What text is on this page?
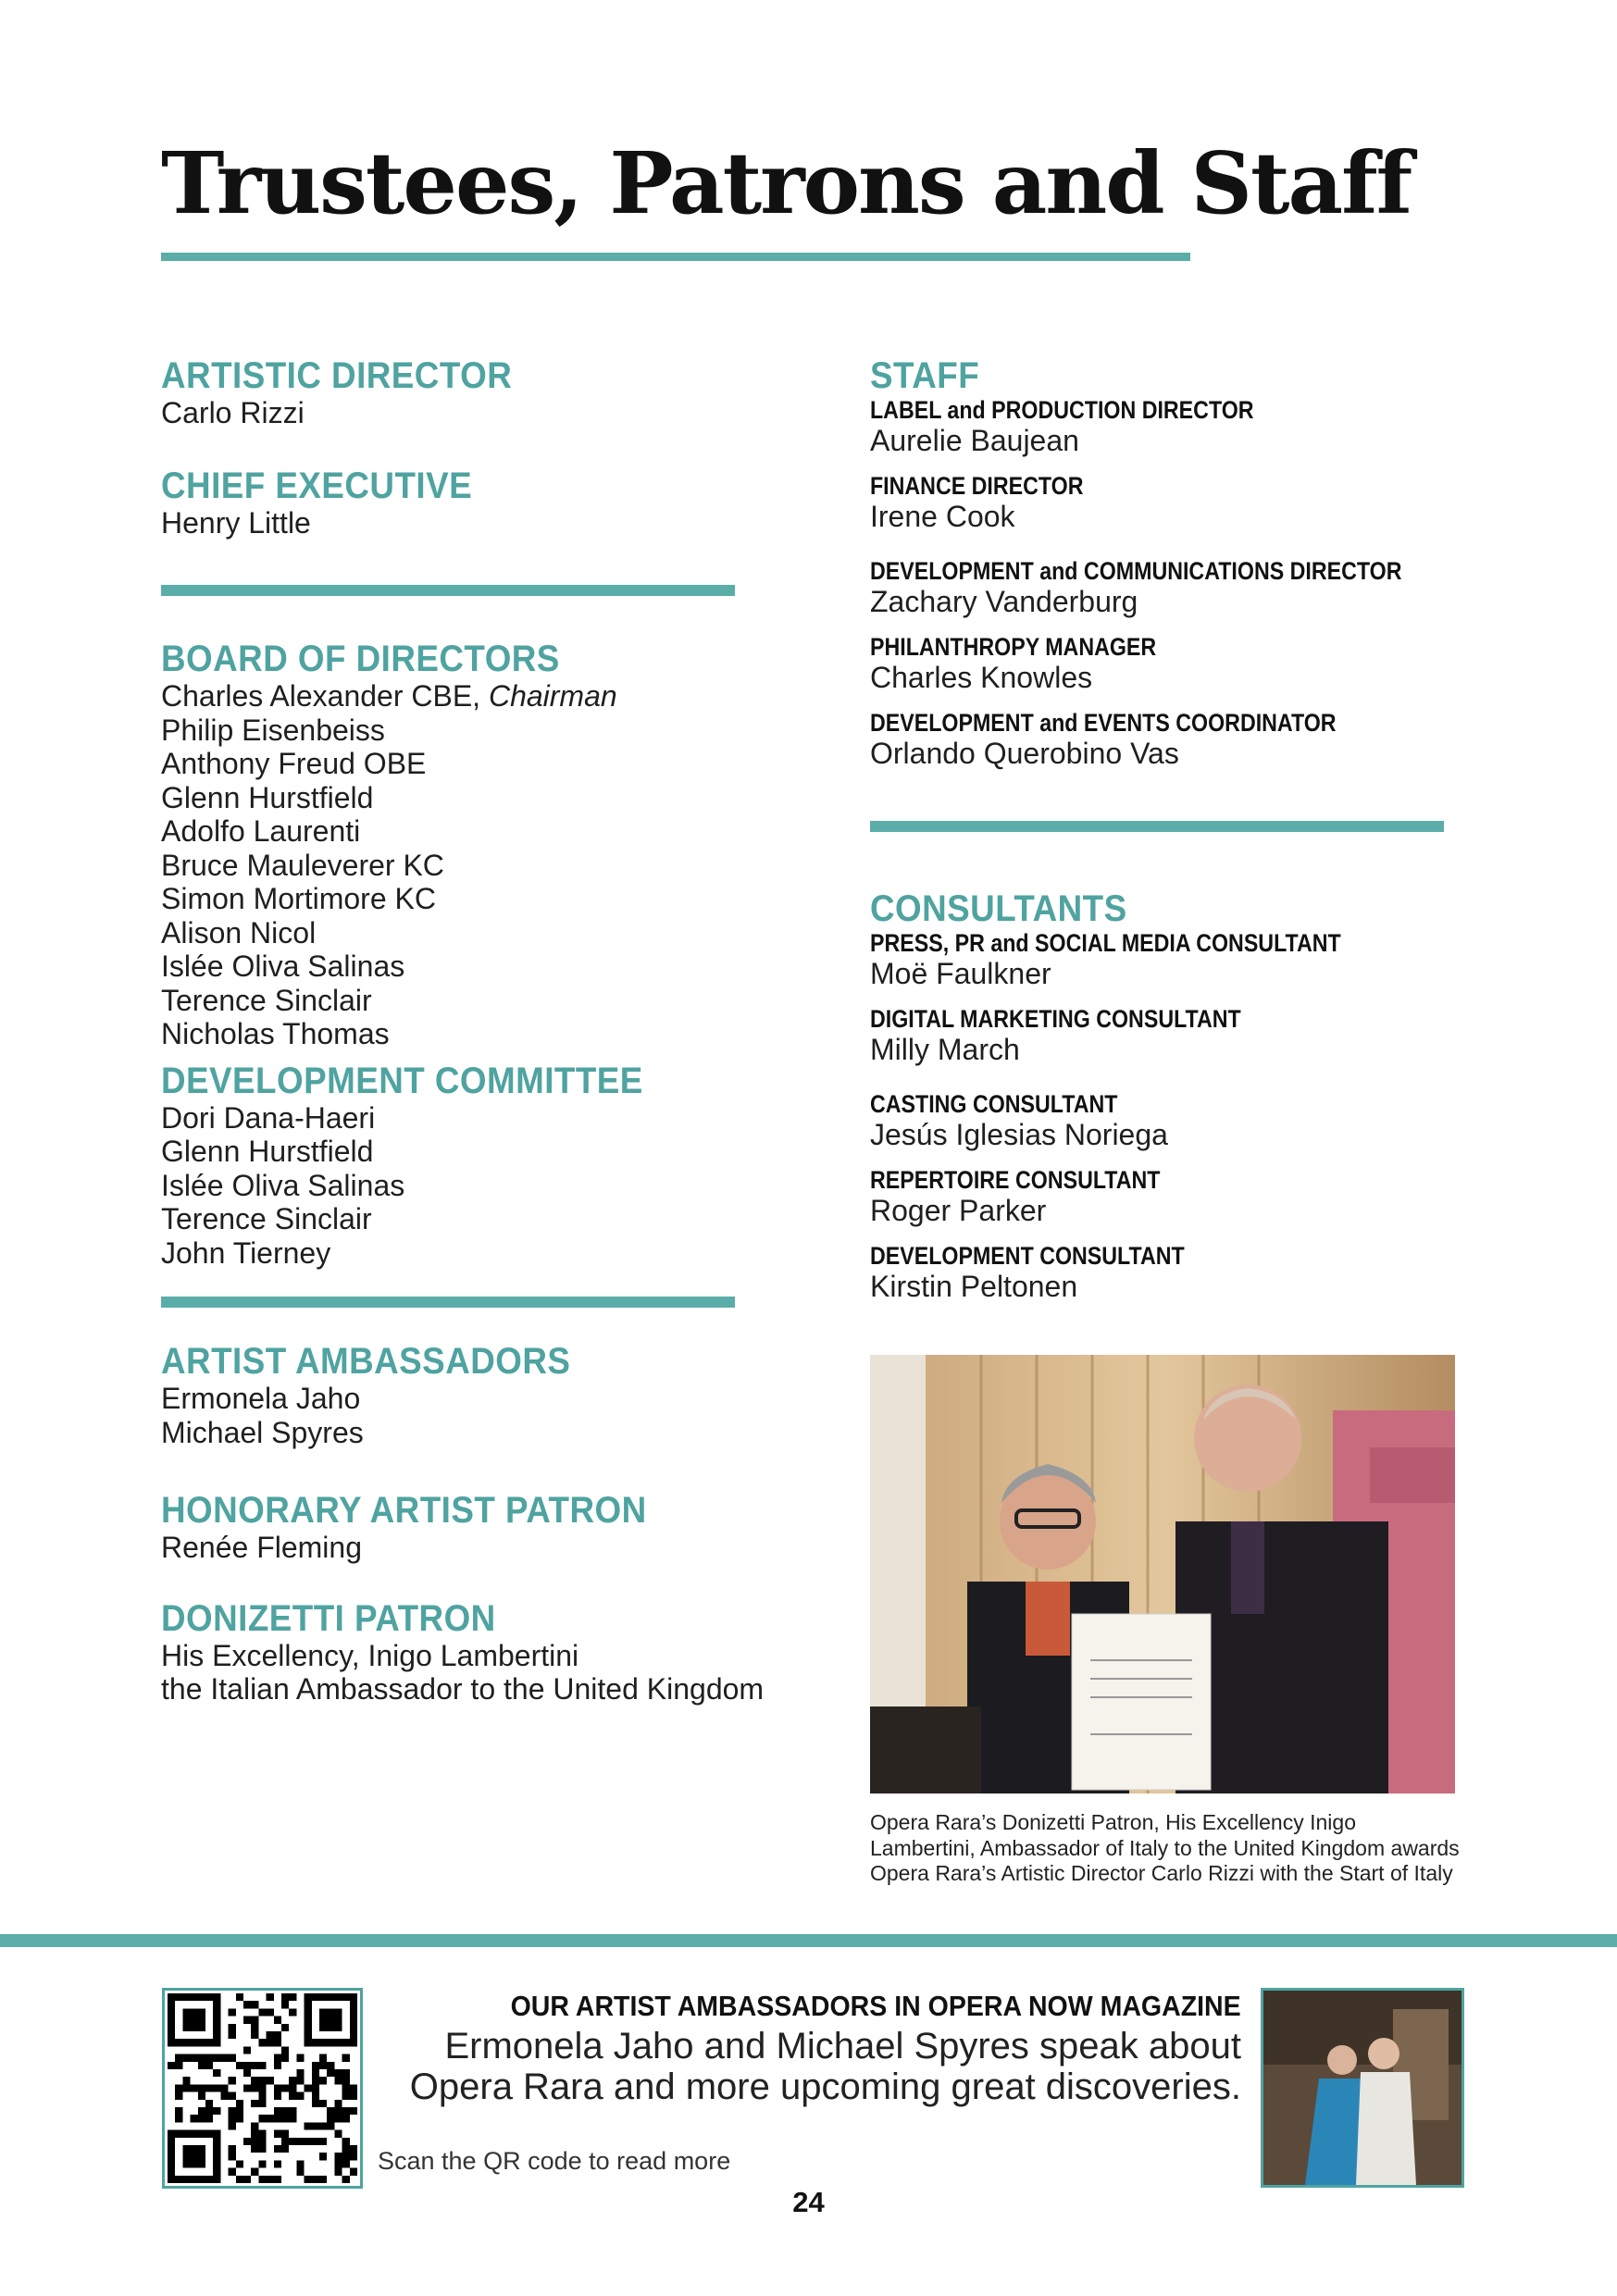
Trustees, Patrons and Staff
ARTISTIC DIRECTOR
Carlo Rizzi
CHIEF EXECUTIVE
Henry Little
BOARD OF DIRECTORS
Charles Alexander CBE, Chairman
Philip Eisenbeiss
Anthony Freud OBE
Glenn Hurstfield
Adolfo Laurenti
Bruce Mauleverer KC
Simon Mortimore KC
Alison Nicol
Islée Oliva Salinas
Terence Sinclair
Nicholas Thomas
DEVELOPMENT COMMITTEE
Dori Dana-Haeri
Glenn Hurstfield
Islée Oliva Salinas
Terence Sinclair
John Tierney
ARTIST AMBASSADORS
Ermonela Jaho
Michael Spyres
HONORARY ARTIST PATRON
Renée Fleming
DONIZETTI PATRON
His Excellency, Inigo Lambertini
the Italian Ambassador to the United Kingdom
STAFF
LABEL and PRODUCTION DIRECTOR
Aurelie Baujean
FINANCE DIRECTOR
Irene Cook
DEVELOPMENT and COMMUNICATIONS DIRECTOR
Zachary Vanderburg
PHILANTHROPY MANAGER
Charles Knowles
DEVELOPMENT and EVENTS COORDINATOR
Orlando Querobino Vas
CONSULTANTS
PRESS, PR and SOCIAL MEDIA CONSULTANT
Moë Faulkner
DIGITAL MARKETING CONSULTANT
Milly March
CASTING CONSULTANT
Jesús Iglesias Noriega
REPERTOIRE CONSULTANT
Roger Parker
DEVELOPMENT CONSULTANT
Kirstin Peltonen
Opera Rara’s Donizetti Patron, His Excellency Inigo Lambertini, Ambassador of Italy to the United Kingdom awards Opera Rara’s Artistic Director Carlo Rizzi with the Start of Italy
OUR ARTIST AMBASSADORS IN OPERA NOW MAGAZINE
Ermonela Jaho and Michael Spyres speak about
Opera Rara and more upcoming great discoveries.
Scan the QR code to read more
24
